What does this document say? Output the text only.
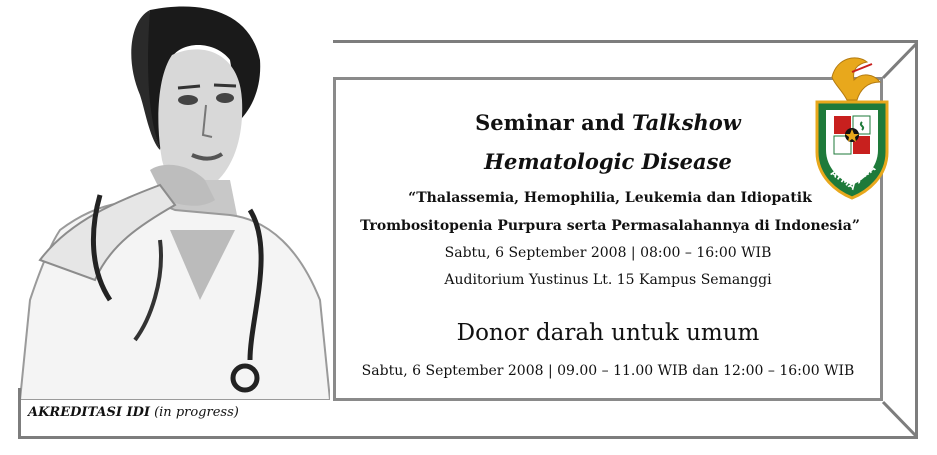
Seminar and Talkshow
Hematologic Disease
“Thalassemia, Hemophilia, Leukemia dan Idiopatik
Trombositopenia Purpura serta Permasalahannya di Indonesia”
Sabtu, 6 September 2008 | 08:00 – 16:00 WIB
Auditorium Yustinus Lt. 15 Kampus Semanggi
Donor darah untuk umum
Sabtu, 6 September 2008 | 09.00 – 11.00 WIB dan 12:00 – 16:00 WIB
AKREDITASI IDI (in progress)
ATMA
JAYA
